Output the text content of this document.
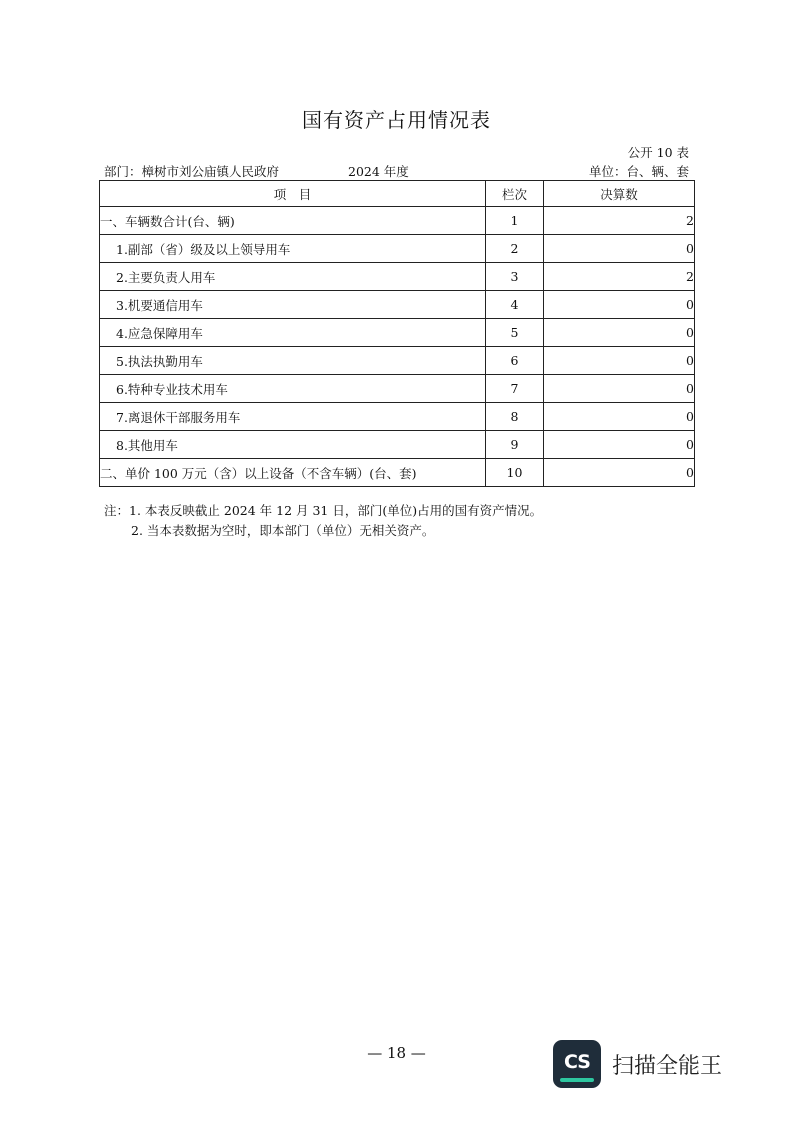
国有资产占用情况表
公开 10 表
部门：樟树市刘公庙镇人民政府	2024 年度	单位：台、辆、套
项　目	栏次	决算数
一、车辆数合计(台、辆)	1	2
1.副部（省）级及以上领导用车	2	0
2.主要负责人用车	3	2
3.机要通信用车	4	0
4.应急保障用车	5	0
5.执法执勤用车	6	0
6.特种专业技术用车	7	0
7.离退休干部服务用车	8	0
8.其他用车	9	0
二、单价 100 万元（含）以上设备（不含车辆）(台、套)	10	0
注：1. 本表反映截止 2024 年 12 月 31 日，部门(单位)占用的国有资产情况。
2. 当本表数据为空时，即本部门（单位）无相关资产。
— 18 —	CS	扫描全能王
